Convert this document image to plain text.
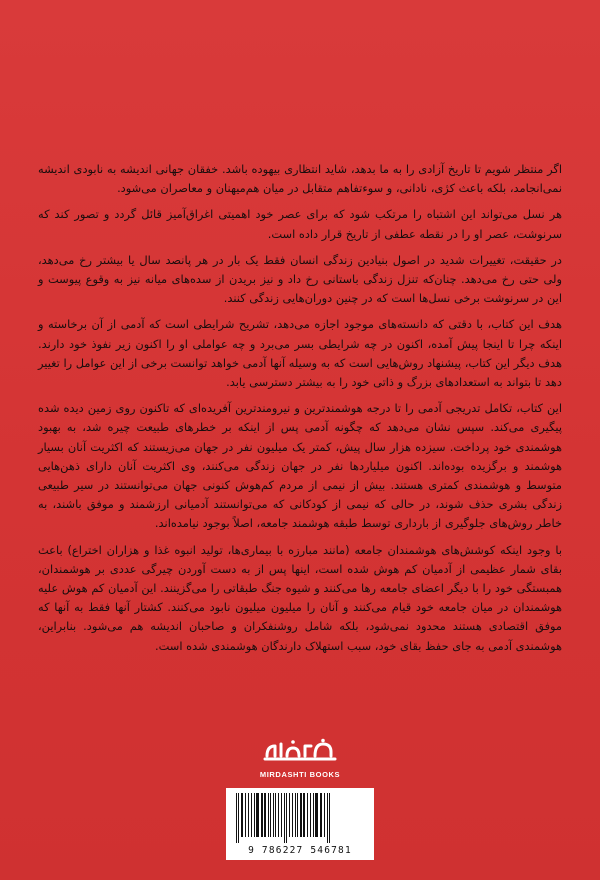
اگر منتظر شویم تا تاریخ آزادی را به ما بدهد، شاید انتظاری بیهوده باشد. خفقان جهانی اندیشه به نابودی اندیشه نمی‌انجامد، بلکه باعث کژی، نادانی، و سوءتفاهم متقابل در میان هم‌میهنان و معاصران می‌شود.

هر نسل می‌تواند این اشتباه را مرتکب شود که برای عصر خود اهمیتی اغراق‌آمیز قائل گردد و تصور کند که سرنوشت، عصر او را در نقطه عطفی از تاریخ قرار داده است.

در حقیقت، تغییرات شدید در اصول بنیادین زندگی انسان فقط یک بار در هر پانصد سال یا بیشتر رخ می‌دهد، ولی حتی رخ می‌دهد. چنان‌که تنزل زندگی باستانی رخ داد و نیز بریدن از سده‌های میانه نیز به وقوع پیوست و این در سرنوشت برخی نسل‌ها است که در چنین دوران‌هایی زندگی کنند.

هدف این کتاب، با دقتی که دانسته‌های موجود اجازه می‌دهد، تشریح شرایطی است که آدمی از آن برخاسته و اینکه چرا تا اینجا پیش آمده، اکنون در چه شرایطی بسر می‌برد و چه عواملی او را اکنون زیر نفوذ خود دارند. هدف دیگر این کتاب، پیشنهاد روش‌هایی است که به وسیله آنها آدمی خواهد توانست برخی از این عوامل را تغییر دهد تا بتواند به استعدادهای بزرگ و ذاتی خود را به بیشتر دسترسی یابد.

این کتاب، تکامل تدریجی آدمی را تا درجه هوشمندترین و نیرومندترین آفریده‌ای که تاکنون روی زمین دیده شده پیگیری می‌کند. سپس نشان می‌دهد که چگونه آدمی پس از اینکه بر خطرهای طبیعت چیره شد، به بهبود هوشمندی خود پرداخت. سیزده هزار سال پیش، کمتر یک میلیون نفر در جهان می‌زیستند که اکثریت آنان بسیار هوشمند و برگزیده بوده‌اند. اکنون میلیاردها نفر در جهان زندگی می‌کنند، وی اکثریت آنان دارای ذهن‌هایی متوسط و هوشمندی کمتری هستند. بیش از نیمی از مردم کم‌هوش کنونی جهان می‌توانستند در سیر طبیعی زندگی بشری حذف شوند، در حالی که نیمی از کودکانی که می‌توانستند آدمیانی ارزشمند و موفق باشند، به خاطر روش‌های جلوگیری از بارداری توسط طبقه هوشمند جامعه، اصلاً بوجود نیامده‌اند.

با وجود اینکه کوشش‌های هوشمندان جامعه (مانند مبارزه با بیماری‌ها، تولید انبوه غذا و هزاران اختراع) باعث بقای شمار عظیمی از آدمیان کم هوش شده است، اینها پس از به دست آوردن چیرگی عددی بر هوشمندان، همبستگی خود را با دیگر اعضای جامعه رها می‌کنند و شیوه جنگ طبقاتی را می‌گزینند. این آدمیان کم هوش علیه هوشمندان در میان جامعه خود قیام می‌کنند و آنان را میلیون میلیون نابود می‌کنند. کشتار آنها فقط به آنها که موفق اقتصادی هستند محدود نمی‌شود، بلکه شامل روشنفکران و صاحبان اندیشه هم می‌شود. بنابراین، هوشمندی آدمی به جای حفظ بقای خود، سبب استهلاک دارندگان هوشمندی شده است.

MIRDASHTI BOOKS
9 786227 546781
